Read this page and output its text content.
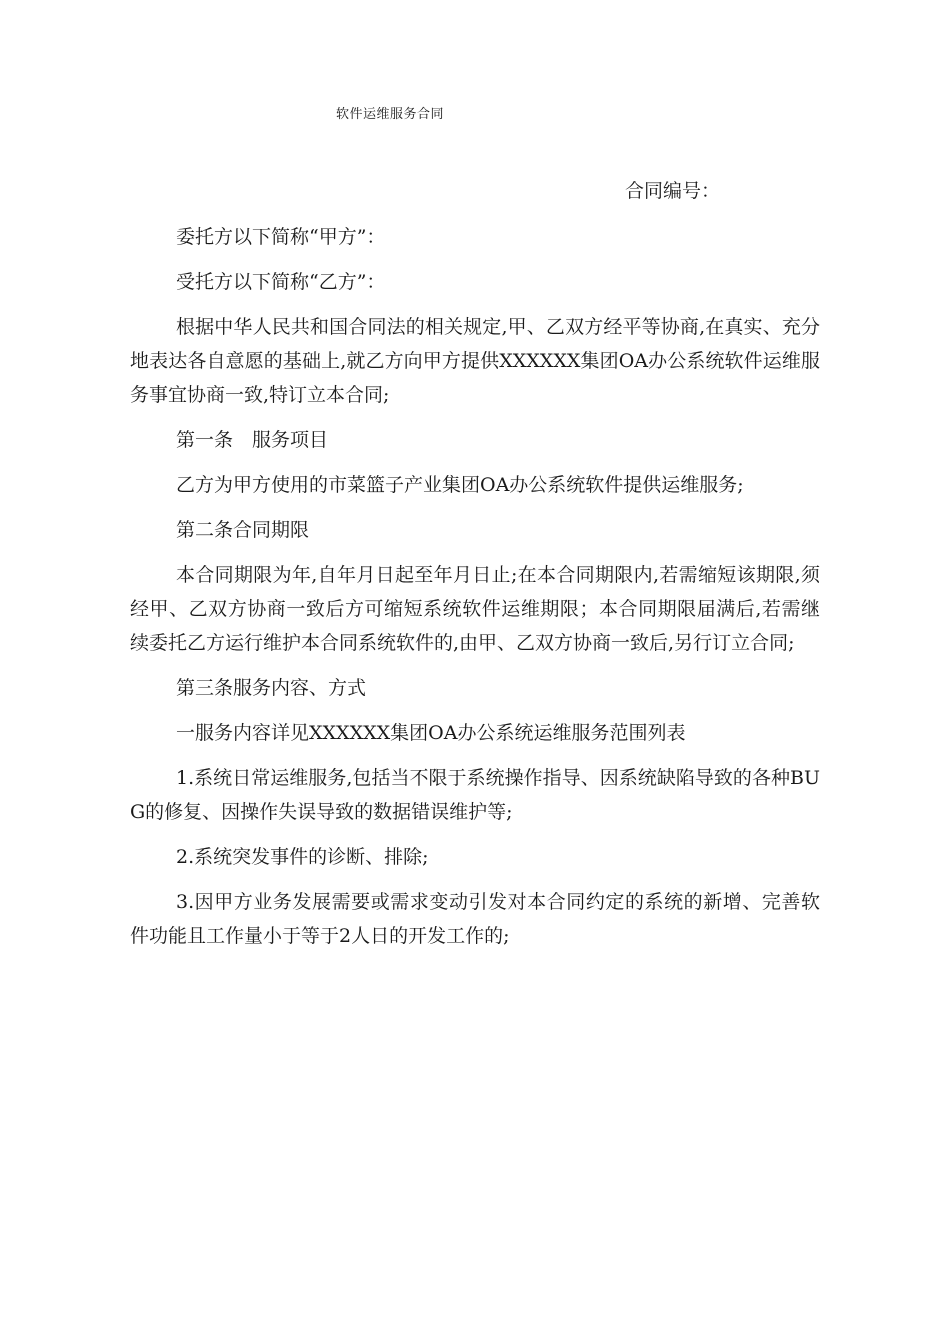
软件运维服务合同
合同编号：

委托方以下简称“甲方”：

受托方以下简称“乙方”：

根据中华人民共和国合同法的相关规定,甲、乙双方经平等协商,在真实、充分地表达各自意愿的基础上,就乙方向甲方提供XXXXXX集团OA办公系统软件运维服务事宜协商一致,特订立本合同;

第一条　服务项目

乙方为甲方使用的市菜篮子产业集团OA办公系统软件提供运维服务;

第二条合同期限

本合同期限为年,自年月日起至年月日止;在本合同期限内,若需缩短该期限,须经甲、乙双方协商一致后方可缩短系统软件运维期限；本合同期限届满后,若需继续委托乙方运行维护本合同系统软件的,由甲、乙双方协商一致后,另行订立合同;

第三条服务内容、方式

一服务内容详见XXXXXX集团OA办公系统运维服务范围列表

1.系统日常运维服务,包括当不限于系统操作指导、因系统缺陷导致的各种BUG的修复、因操作失误导致的数据错误维护等;

2.系统突发事件的诊断、排除;

3.因甲方业务发展需要或需求变动引发对本合同约定的系统的新增、完善软件功能且工作量小于等于2人日的开发工作的;
